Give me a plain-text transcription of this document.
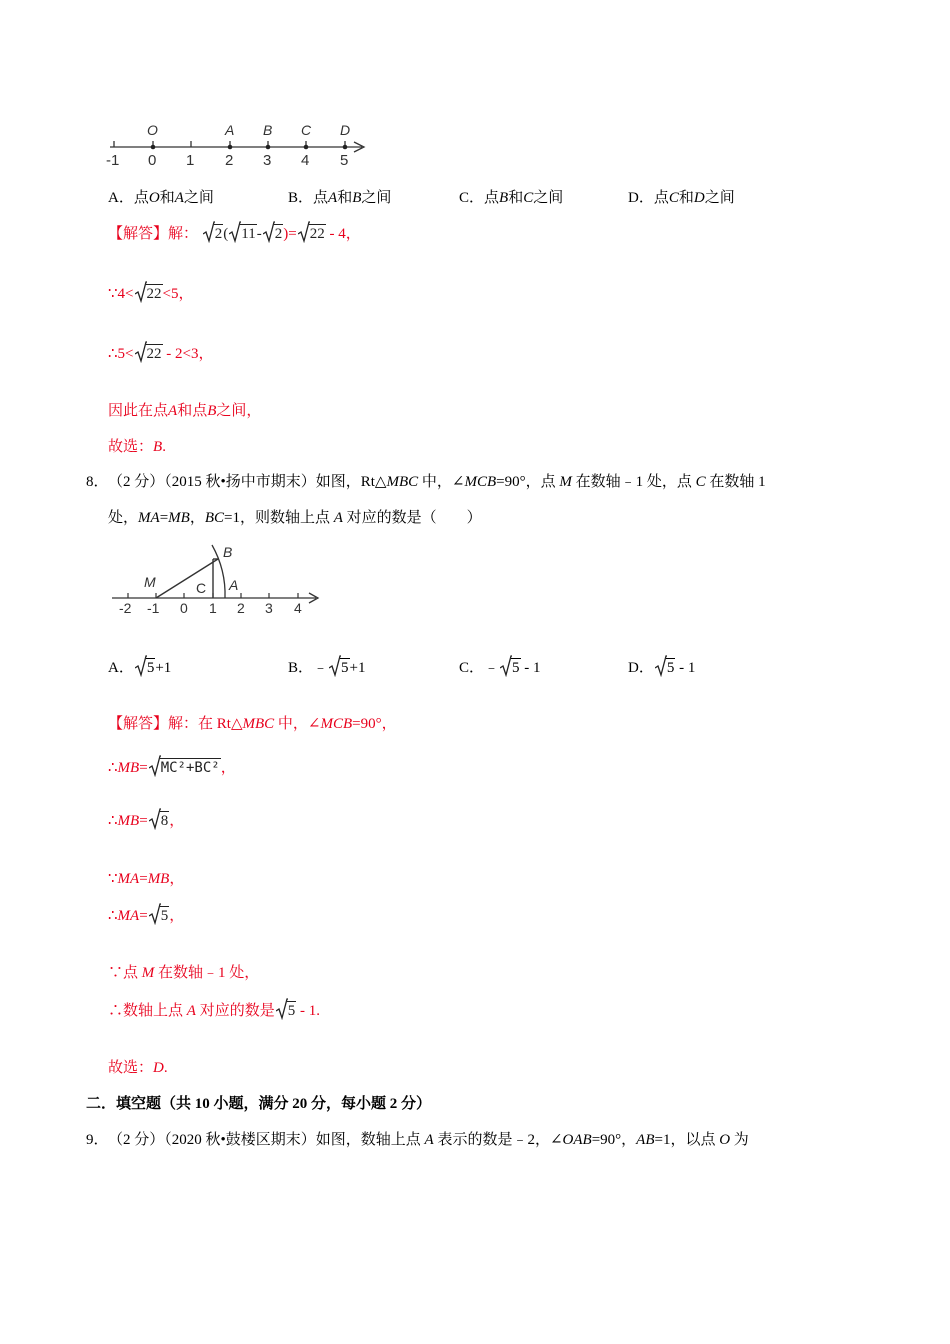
O	A B C D
-1 0 1 2 3 4 5
A．点O和A之间	B．点A和B之间	C．点B和C之间	D．点C和D之间
【解答】解： 2( 11- 2)= 22 - 4，
∵4< 22<5，
∴5< 22 - 2<3，
因此在点A和点B之间，
故选：B.
8． （2 分）（2015 秋•扬中市期末）如图，Rt△MBC 中，∠MCB=90°，点 M 在数轴﹣1 处，点 C 在数轴 1
处，MA=MB，BC=1，则数轴上点 A 对应的数是（　　）
M
B
C A
-2 -1 0 1 2 3 4
A． 5+1	B．﹣ 5+1	C．﹣ 5 - 1	D． 5 - 1
【解答】解：在 Rt△MBC 中，∠MCB=90°，
∴MB= MC²+BC²，
∴MB= 8，
∵MA=MB，
∴MA= 5，
∵点 M 在数轴﹣1 处，
∴数轴上点 A 对应的数是 5 - 1.
故选：D.
二．填空题（共 10 小题，满分 20 分，每小题 2 分）
9． （2 分）（2020 秋•鼓楼区期末）如图，数轴上点 A 表示的数是﹣2，∠OAB=90°，AB=1，以点 O 为
